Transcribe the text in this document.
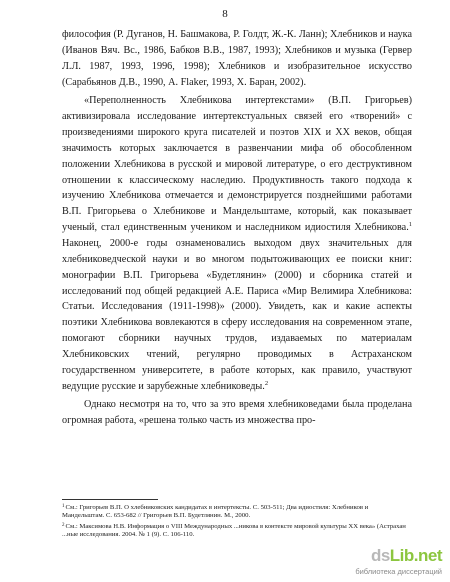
8

философия (Р. Дуганов, Н. Башмакова, Р. Голдт, Ж.-К. Ланн); Хлебников и наука (Иванов Вяч. Вс., 1986, Бабков В.В., 1987, 1993); Хлебников и музыка (Гервер Л.Л. 1987, 1993, 1996, 1998); Хлебников и изобразительное искусство (Сарабьянов Д.В., 1990, А. Flaker, 1993, Х. Баран, 2002).

«Переполненность Хлебникова интертекстами» (В.П. Григорьев) активизировала исследование интертекстуальных связей его «творений» с произведениями широкого круга писателей и поэтов XIX и XX веков, общая значимость которых заключается в развенчании мифа об обособленном положении Хлебникова в русской и мировой литературе, о его деструктивном отношении к классическому наследию. Продуктивность такого подхода к изучению Хлебникова отмечается и демонстрируется позднейшими работами В.П. Григорьева о Хлебникове и Мандельштаме, который, как показывает ученый, стал единственным учеником и наследником идиостиля Хлебникова.$^1$ Наконец, 2000-е годы ознаменовались выходом двух значительных для хлебниковедческой науки и во многом подытоживающих ее поиски книг: монографии В.П. Григорьева «Будетлянин» (2000) и сборника статей и исследований под общей редакцией А.Е. Париса «Мир Велимира Хлебникова: Статьи. Исследования (1911-1998)» (2000). Увидеть, как и какие аспекты поэтики Хлебникова вовлекаются в сферу исследования на современном этапе, помогают сборники научных трудов, издаваемых по материалам Хлебниковских чтений, регулярно проводимых в Астраханском государственном университете, в работе которых, как правило, участвуют ведущие русские и зарубежные хлебниковеды.$^2$

Однако несмотря на то, что за это время хлебниковедами была проделана огромная работа, «решена только часть из множества про-

$^1$См.: Григорьев В.П. О хлебниковских кандидатах в интертексты. С. 503-511; Два идиостиля: Хлебников и Мандельштам. С. 653-682 // Григорьев В.П. Будетлянин. М., 2000.

$^2$См.: Максимова Н.В. Информация о VIII Международных ...никова в контексте мировой культуры XX века» (Астрахан ...ные исследования. 2004. № 1 (9). С. 106-110.

dsLib.net
библиотека диссертаций
